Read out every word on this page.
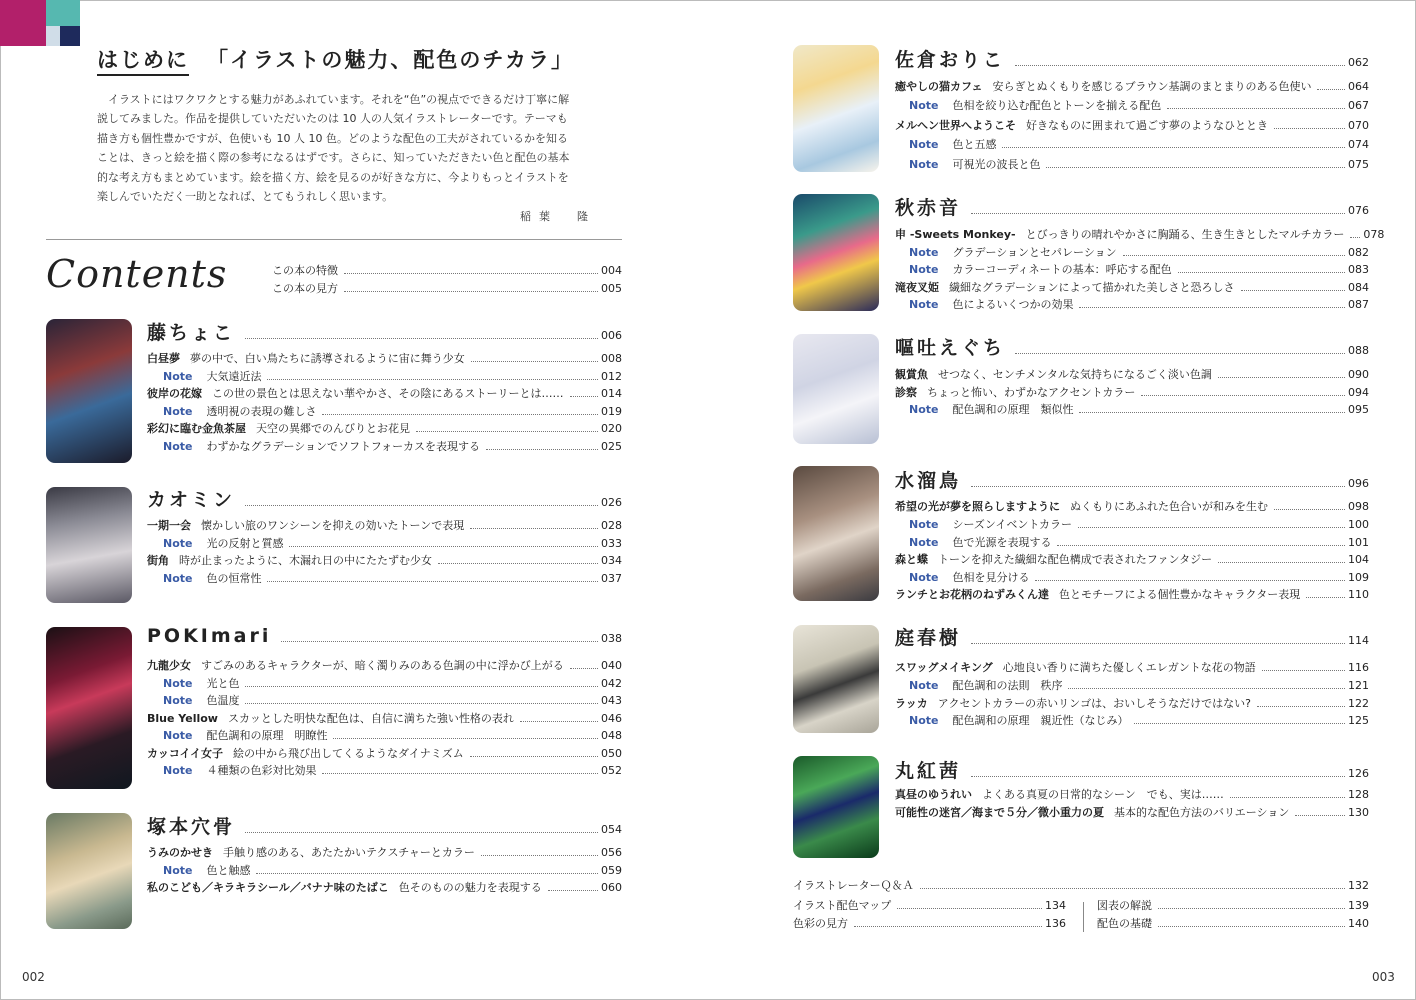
はじめに 「イラストの魅力、配色のチカラ」
イラストにはワクワクとする魅力があふれています。それを“色”の視点でできるだけ丁寧に解説してみました。作品を提供していただいたのは 10 人の人気イラストレーターです。テーマも描き方も個性豊かですが、色使いも 10 人 10 色。どのような配色の工夫がされているかを知ることは、きっと絵を描く際の参考になるはずです。さらに、知っていただきたい色と配色の基本的な考え方もまとめています。絵を描く方、絵を見るのが好きな方に、今よりもっとイラストを楽しんでいただく一助となれば、とてもうれしく思います。
稲葉　隆
Contents	この本の特徴	004
この本の見方	005
藤ちょこ	006
白昼夢 夢の中で、白い鳥たちに誘導されるように宙に舞う少女	008
Note 大気遠近法	012
彼岸の花嫁 この世の景色とは思えない華やかさ、その陰にあるストーリーとは……	014
Note 透明視の表現の難しさ	019
彩幻に臨む金魚茶屋 天空の異郷でのんびりとお花見	020
Note わずかなグラデーションでソフトフォーカスを表現する	025
カオミン	026
一期一会 懐かしい旅のワンシーンを抑えの効いたトーンで表現	028
Note 光の反射と質感	033
街角 時が止まったように、木漏れ日の中にたたずむ少女	034
Note 色の恒常性	037
POKImari	038
九龍少女 すごみのあるキャラクターが、暗く濁りみのある色調の中に浮かび上がる	040
Note 光と色	042
Note 色温度	043
Blue Yellow スカッとした明快な配色は、自信に満ちた強い性格の表れ	046
Note 配色調和の原理　明瞭性	048
カッコイイ女子 絵の中から飛び出してくるようなダイナミズム	050
Note ４種類の色彩対比効果	052
塚本穴骨	054
うみのかせき 手触り感のある、あたたかいテクスチャーとカラー	056
Note 色と触感	059
私のこども／キラキラシール／バナナ味のたばこ 色そのものの魅力を表現する	060
佐倉おりこ	062
癒やしの猫カフェ 安らぎとぬくもりを感じるブラウン基調のまとまりのある色使い	064
Note 色相を絞り込む配色とトーンを揃える配色	067
メルヘン世界へようこそ 好きなものに囲まれて過ごす夢のようなひととき	070
Note 色と五感	074
Note 可視光の波長と色	075
秋赤音	076
申 -Sweets Monkey- とびっきりの晴れやかさに胸踊る、生き生きとしたマルチカラー 078
Note グラデーションとセパレーション	082
Note カラーコーディネートの基本：呼応する配色	083
滝夜叉姫 繊細なグラデーションによって描かれた美しさと恐ろしさ	084
Note 色によるいくつかの効果	087
嘔吐えぐち	088
観賞魚 せつなく、センチメンタルな気持ちになるごく淡い色調	090
診察 ちょっと怖い、わずかなアクセントカラー	094
Note 配色調和の原理　類似性	095
水溜鳥	096
希望の光が夢を照らしますように ぬくもりにあふれた色合いが和みを生む	098
Note シーズンイベントカラー	100
Note 色で光源を表現する	101
森と蝶 トーンを抑えた繊細な配色構成で表されたファンタジー	104
Note 色相を見分ける	109
ランチとお花柄のねずみくん達 色とモチーフによる個性豊かなキャラクター表現	110
庭春樹	114
スワッグメイキング 心地良い香りに満ちた優しくエレガントな花の物語	116
Note 配色調和の法則　秩序	121
ラッカ アクセントカラーの赤いリンゴは、おいしそうなだけではない?	122
Note 配色調和の原理　親近性（なじみ）	125
丸紅茜	126
真昼のゆうれい よくある真夏の日常的なシーン　でも、実は……	128
可能性の迷宮／海まで５分／微小重力の夏 基本的な配色方法のバリエーション	130
イラストレーターＱ＆Ａ	132
イラスト配色マップ	134
色彩の見方	136
図表の解説	139
配色の基礎	140
002	003
